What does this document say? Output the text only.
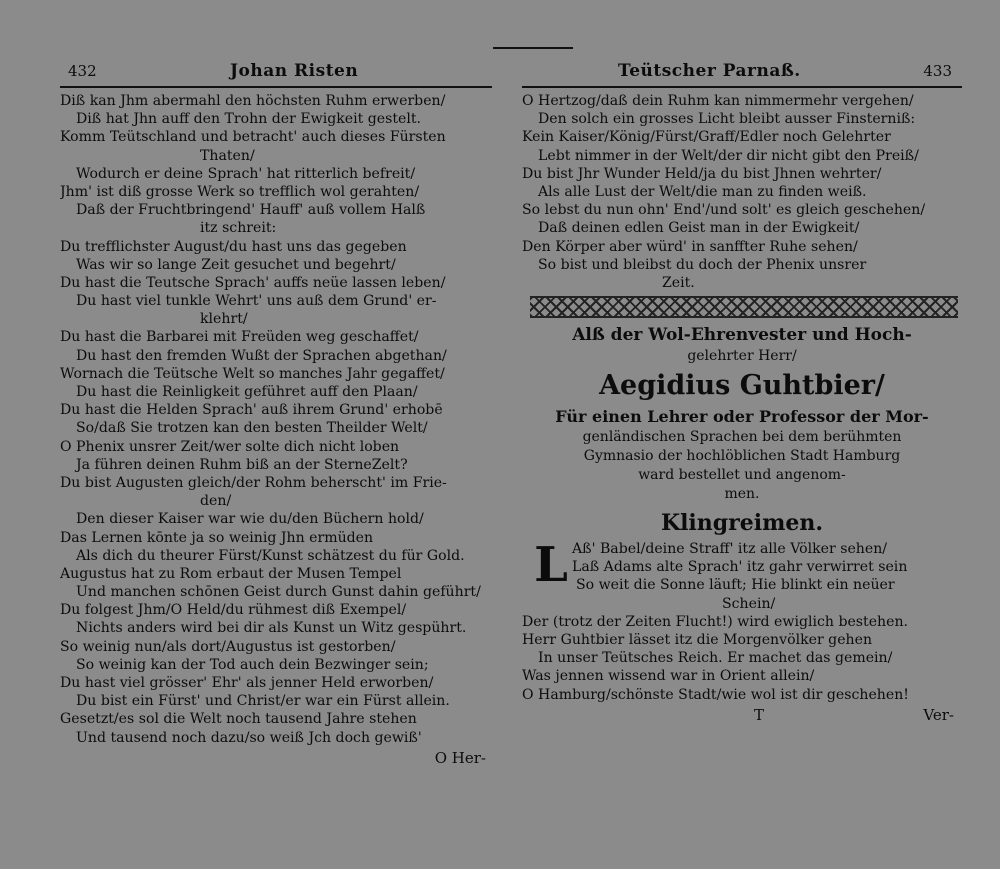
432	Johan Risten
Diß kan Jhm abermahl den höchsten Ruhm erwerben/
Diß hat Jhn auff den Trohn der Ewigkeit gestelt.
Komm Teütschland und betracht' auch dieses Fürsten
Thaten/
Wodurch er deine Sprach' hat ritterlich befreit/
Jhm' ist diß grosse Werk so trefflich wol gerahten/
Daß der Fruchtbringend' Hauff' auß vollem Halß
itz schreit:
Du trefflichster August/du hast uns das gegeben
Was wir so lange Zeit gesuchet und begehrt/
Du hast die Teutsche Sprach' auffs neüe lassen leben/
Du hast viel tunkle Wehrt' uns auß dem Grund' er-
klehrt/
Du hast die Barbarei mit Freüden weg geschaffet/
Du hast den fremden Wußt der Sprachen abgethan/
Wornach die Teütsche Welt so manches Jahr gegaffet/
Du hast die Reinligkeit geführet auff den Plaan/
Du hast die Helden Sprach' auß ihrem Grund' erhobē
So/daß Sie trotzen kan den besten Theilder Welt/
O Phenix unsrer Zeit/wer solte dich nicht loben
Ja führen deinen Ruhm biß an der SterneZelt?
Du bist Augusten gleich/der Rohm beherscht' im Frie-
den/
Den dieser Kaiser war wie du/den Büchern hold/
Das Lernen kōnte ja so weinig Jhn ermüden
Als dich du theurer Fürst/Kunst schätzest du für Gold.
Augustus hat zu Rom erbaut der Musen Tempel
Und manchen schōnen Geist durch Gunst dahin geführt/
Du folgest Jhm/O Held/du rühmest diß Exempel/
Nichts anders wird bei dir als Kunst un Witz gespührt.
So weinig nun/als dort/Augustus ist gestorben/
So weinig kan der Tod auch dein Bezwinger sein;
Du hast viel grösser' Ehr' als jenner Held erworben/
Du bist ein Fürst' und Christ/er war ein Fürst allein.
Gesetzt/es sol die Welt noch tausend Jahre stehen
Und tausend noch dazu/so weiß Jch doch gewiß'
O Her-
Teütscher Parnaß.	433
O Hertzog/daß dein Ruhm kan nimmermehr vergehen/
Den solch ein grosses Licht bleibt ausser Finsterniß:
Kein Kaiser/König/Fürst/Graff/Edler noch Gelehrter
Lebt nimmer in der Welt/der dir nicht gibt den Preiß/
Du bist Jhr Wunder Held/ja du bist Jhnen wehrter/
Als alle Lust der Welt/die man zu finden weiß.
So lebst du nun ohn' End'/und solt' es gleich geschehen/
Daß deinen edlen Geist man in der Ewigkeit/
Den Körper aber würd' in sanffter Ruhe sehen/
So bist und bleibst du doch der Phenix unsrer
Zeit.
Alß der Wol-Ehrenvester und Hoch-
gelehrter Herr/
Aegidius Guhtbier/
Für einen Lehrer oder Professor der Mor-
genländischen Sprachen bei dem berühmten
Gymnasio der hochlöblichen Stadt Hamburg
ward bestellet und angenom-
men.
Klingreimen.
L Aß' Babel/deine Straff' itz alle Völker sehen/
Laß Adams alte Sprach' itz gahr verwirret sein
So weit die Sonne läuft; Hie blinkt ein neüer
Schein/
Der (trotz der Zeiten Flucht!) wird ewiglich bestehen.
Herr Guhtbier lässet itz die Morgenvölker gehen
In unser Teütsches Reich. Er machet das gemein/
Was jennen wissend war in Orient allein/
O Hamburg/schönste Stadt/wie wol ist dir geschehen!
T	Ver-
